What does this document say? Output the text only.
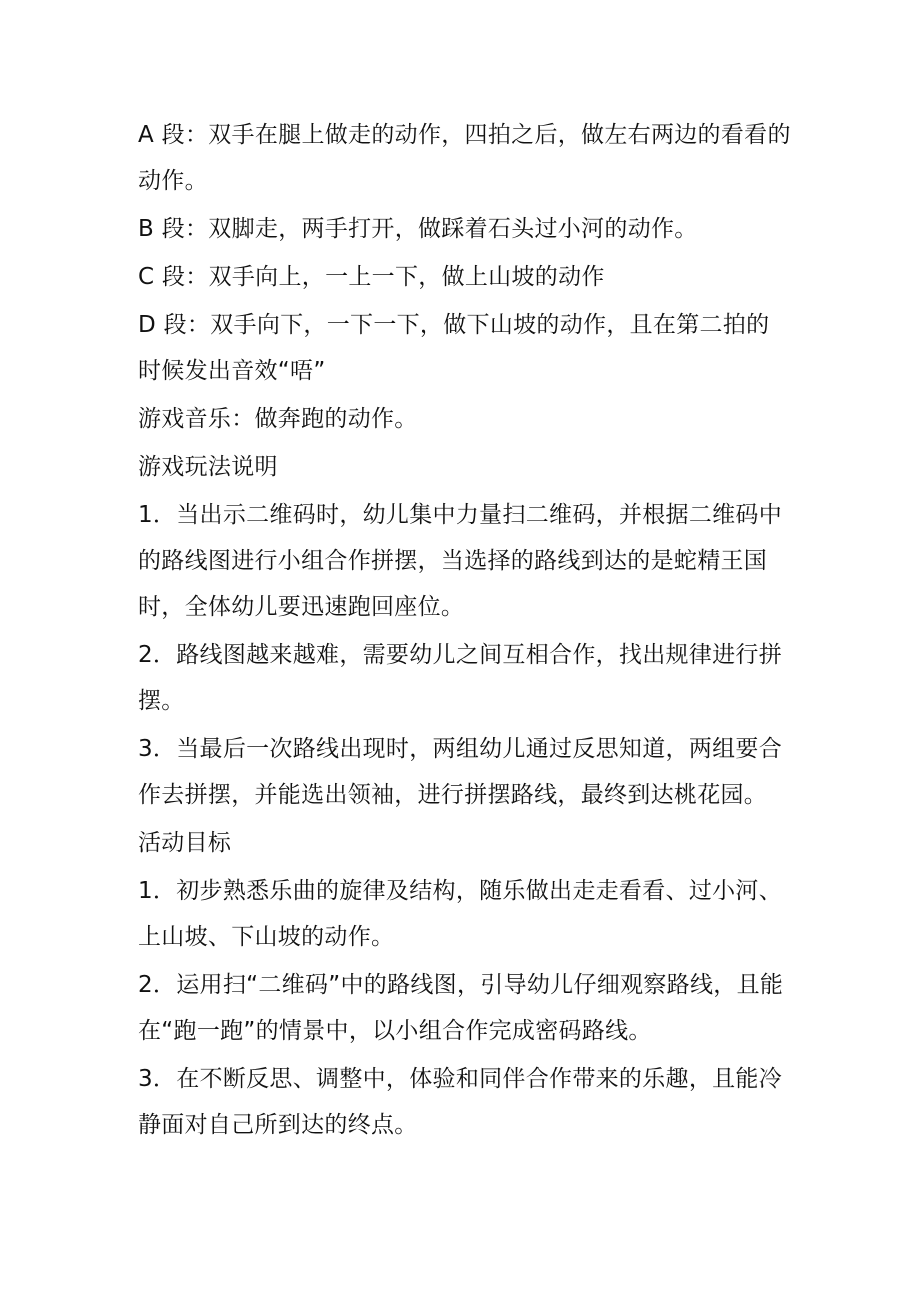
A 段：双手在腿上做走的动作，四拍之后，做左右两边的看看的动作。

B 段：双脚走，两手打开，做踩着石头过小河的动作。

C 段：双手向上，一上一下，做上山坡的动作

D 段：双手向下，一下一下，做下山坡的动作，且在第二拍的时候发出音效“唔”

游戏音乐：做奔跑的动作。

游戏玩法说明

1．当出示二维码时，幼儿集中力量扫二维码，并根据二维码中的路线图进行小组合作拼摆，当选择的路线到达的是蛇精王国时，全体幼儿要迅速跑回座位。

2．路线图越来越难，需要幼儿之间互相合作，找出规律进行拼摆。

3．当最后一次路线出现时，两组幼儿通过反思知道，两组要合作去拼摆，并能选出领袖，进行拼摆路线，最终到达桃花园。

活动目标

1．初步熟悉乐曲的旋律及结构，随乐做出走走看看、过小河、上山坡、下山坡的动作。

2．运用扫“二维码”中的路线图，引导幼儿仔细观察路线，且能在“跑一跑”的情景中，以小组合作完成密码路线。

3．在不断反思、调整中，体验和同伴合作带来的乐趣，且能冷静面对自己所到达的终点。
